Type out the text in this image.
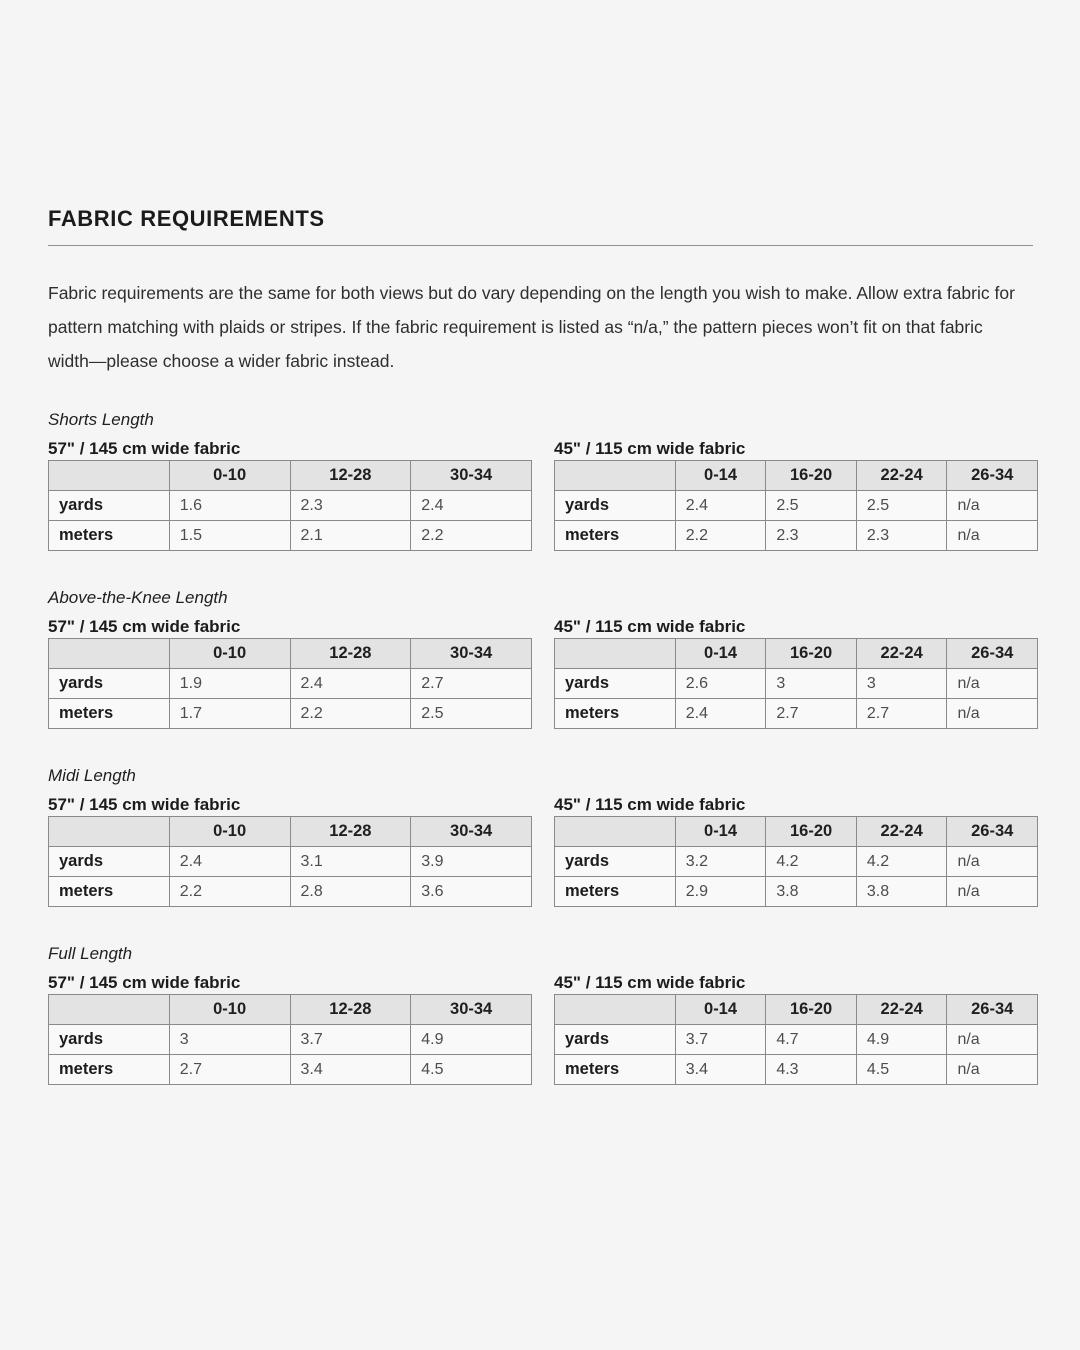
FABRIC REQUIREMENTS

Fabric requirements are the same for both views but do vary depending on the length you wish to make. Allow extra fabric for pattern matching with plaids or stripes. If the fabric requirement is listed as “n/a,” the pattern pieces won’t fit on that fabric width—please choose a wider fabric instead.

Shorts Length
57" / 145 cm wide fabric
	0-10	12-28	30-34
yards	1.6	2.3	2.4
meters	1.5	2.1	2.2
45" / 115 cm wide fabric
	0-14	16-20	22-24	26-34
yards	2.4	2.5	2.5	n/a
meters	2.2	2.3	2.3	n/a
Above-the-Knee Length
57" / 145 cm wide fabric
	0-10	12-28	30-34
yards	1.9	2.4	2.7
meters	1.7	2.2	2.5
45" / 115 cm wide fabric
	0-14	16-20	22-24	26-34
yards	2.6	3	3	n/a
meters	2.4	2.7	2.7	n/a
Midi Length
57" / 145 cm wide fabric
	0-10	12-28	30-34
yards	2.4	3.1	3.9
meters	2.2	2.8	3.6
45" / 115 cm wide fabric
	0-14	16-20	22-24	26-34
yards	3.2	4.2	4.2	n/a
meters	2.9	3.8	3.8	n/a
Full Length
57" / 145 cm wide fabric
	0-10	12-28	30-34
yards	3	3.7	4.9
meters	2.7	3.4	4.5
45" / 115 cm wide fabric
	0-14	16-20	22-24	26-34
yards	3.7	4.7	4.9	n/a
meters	3.4	4.3	4.5	n/a
